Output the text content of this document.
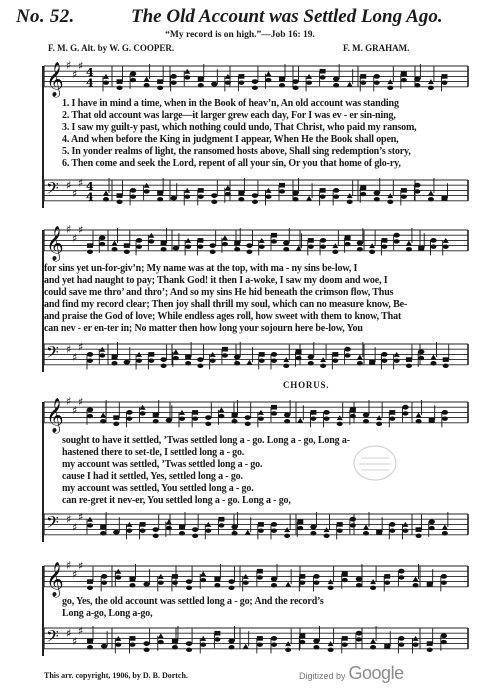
No. 52.	The Old Account was Settled Long Ago.
“My record is on high.”—Job 16: 19.
F. M. G. Alt. by W. G. COOPER.	F. M. GRAHAM.
𝄞 ♯
♯
♯ 4
4
1. I have in mind a time, when in the Book of heav’n, An old account was standing
2. That old account was large—it larger grew each day, For I was ev - er sin-ning,
3. I saw my guilt-y past, which nothing could undo, That Christ, who paid my ransom,
4. And when before the King in judgment I appear, When He the Book shall open,
5. In yonder realms of light, the ransomed hosts above, Shall sing redemption’s story,
6. Then come and seek the Lord, repent of all your sin, Or you that home of glo-ry,
𝄢 ♯
♯
♯ 4
4
𝄞 ♯
♯
♯
for sins yet un-for-giv’n; My name was at the top, with ma - ny sins be-low, I
and yet had naught to pay; Thank God! it then I a-woke, I saw my doom and woe, I
could save me thro’ and thro’; And so my sins He hid beneath the crimson flow, Thus
and find my record clear; Then joy shall thrill my soul, which can no measure know, Be-
and praise the God of love; While endless ages roll, how sweet with them to know, That
can nev - er en-ter in; No matter then how long your sojourn here be-low, You
𝄢 ♯
♯
♯
CHORUS.
𝄞 ♯
♯
♯
sought to have it settled, ’Twas settled long a - go. Long a - go, Long a-
hastened there to set-tle, I settled long a - go.
my account was settled, ’Twas settled long a - go.
cause I had it settled, Yes, settled long a - go.
my account was settled, You settled long a - go.
can re-gret it nev-er, You settled long a - go. Long a - go,
𝄢 ♯
♯
♯
𝄞 ♯
♯
♯
go, Yes, the old account was settled long a - go; And the record’s
Long a-go, Long a-go,
𝄢 ♯
♯
♯
This arr. copyright, 1906, by D. B. Dortch.	Digitized by Google
